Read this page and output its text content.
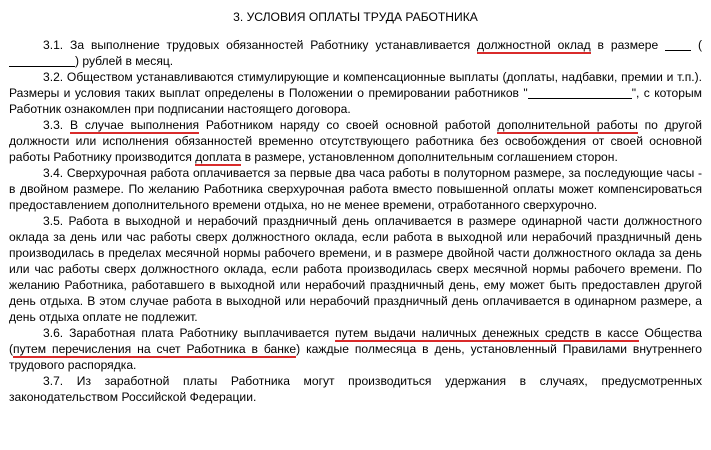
3. УСЛОВИЯ ОПЛАТЫ ТРУДА РАБОТНИКА

3.1. За выполнение трудовых обязанностей Работнику устанавливается должностной оклад в размере	() рублей в месяц.

3.2. Обществом устанавливаются стимулирующие и компенсационные выплаты (доплаты, надбавки, премии и т.п.). Размеры и условия таких выплат определены в Положении о премировании работников "	", с которым Работник ознакомлен при подписании настоящего договора.

3.3. В случае выполнения Работником наряду со своей основной работой дополнительной работы по другой должности или исполнения обязанностей временно отсутствующего работника без освобождения от своей основной работы Работнику производится доплата в размере, установленном дополнительным соглашением сторон.

3.4. Сверхурочная работа оплачивается за первые два часа работы в полуторном размере, за последующие часы - в двойном размере. По желанию Работника сверхурочная работа вместо повышенной оплаты может компенсироваться предоставлением дополнительного времени отдыха, но не менее времени, отработанного сверхурочно.

3.5. Работа в выходной и нерабочий праздничный день оплачивается в размере одинарной части должностного оклада за день или час работы сверх должностного оклада, если работа в выходной или нерабочий праздничный день производилась в пределах месячной нормы рабочего времени, и в размере двойной части должностного оклада за день или час работы сверх должностного оклада, если работа производилась сверх месячной нормы рабочего времени. По желанию Работника, работавшего в выходной или нерабочий праздничный день, ему может быть предоставлен другой день отдыха. В этом случае работа в выходной или нерабочий праздничный день оплачивается в одинарном размере, а день отдыха оплате не подлежит.

3.6. Заработная плата Работнику выплачивается путем выдачи наличных денежных средств в кассе Общества (путем перечисления на счет Работника в банке) каждые полмесяца в день, установленный Правилами внутреннего трудового распорядка.

3.7. Из заработной платы Работника могут производиться удержания в случаях, предусмотренных законодательством Российской Федерации.
